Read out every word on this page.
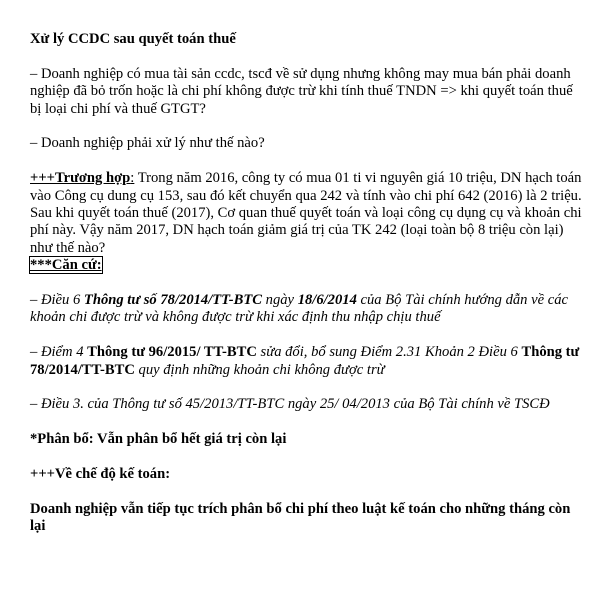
Xử lý CCDC sau quyết toán thuế

– Doanh nghiệp có mua tài sản ccdc, tscđ về sử dụng nhưng không may mua bán phải doanh nghiệp đã bỏ trốn hoặc là chi phí không được trừ khi tính thuế TNDN => khi quyết toán thuế bị loại chi phí và thuế GTGT?

– Doanh nghiệp phải xử lý như thế nào?

+++Trương hợp: Trong năm 2016, công ty có mua 01 ti vi nguyên giá 10 triệu, DN hạch toán vào Công cụ dung cụ 153, sau đó kết chuyển qua 242 và tính vào chi phí 642 (2016) là 2 triệu.

Sau khi quyết toán thuế (2017), Cơ quan thuế quyết toán và loại công cụ dụng cụ và khoản chi phí này. Vậy năm 2017, DN hạch toán giảm giá trị của TK 242 (loại toàn bộ 8 triệu còn lại) như thế nào?

***Căn cứ:

– Điều 6 Thông tư số 78/2014/TT-BTC ngày 18/6/2014 của Bộ Tài chính hướng dẫn về các khoản chi được trừ và không được trừ khi xác định thu nhập chịu thuế

– Điểm 4 Thông tư 96/2015/ TT-BTC sửa đổi, bổ sung Điểm 2.31 Khoản 2 Điều 6 Thông tư 78/2014/TT-BTC quy định những khoản chi không được trừ

– Điều 3. của Thông tư số 45/2013/TT-BTC ngày 25/ 04/2013 của Bộ Tài chính về TSCĐ

*Phân bổ: Vẫn phân bổ hết giá trị còn lại

+++Về chế độ kế toán:

Doanh nghiệp vẫn tiếp tục trích phân bổ chi phí theo luật kế toán cho những tháng còn lại
